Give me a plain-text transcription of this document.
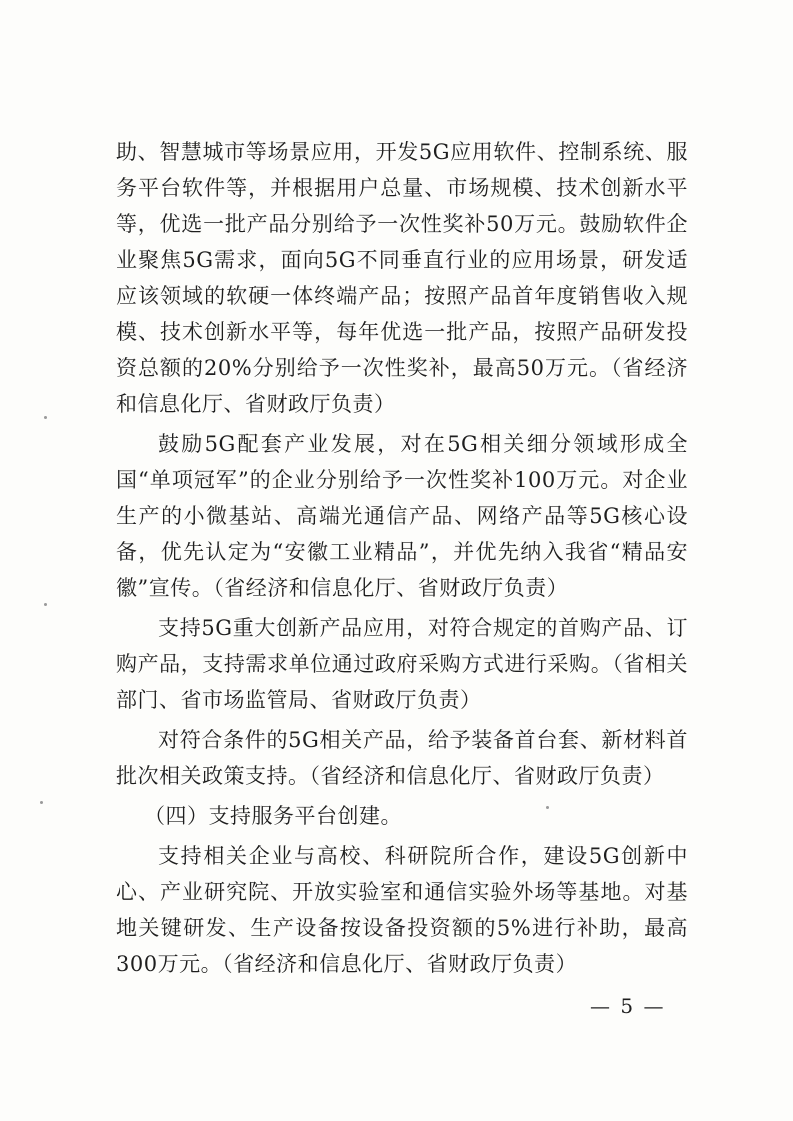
助、智慧城市等场景应用，开发5G应用软件、控制系统、服务平台软件等，并根据用户总量、市场规模、技术创新水平等，优选一批产品分别给予一次性奖补50万元。鼓励软件企业聚焦5G需求，面向5G不同垂直行业的应用场景，研发适应该领域的软硬一体终端产品；按照产品首年度销售收入规模、技术创新水平等，每年优选一批产品，按照产品研发投资总额的20%分别给予一次性奖补，最高50万元。（省经济和信息化厅、省财政厅负责）

鼓励5G配套产业发展，对在5G相关细分领域形成全国“单项冠军”的企业分别给予一次性奖补100万元。对企业生产的小微基站、高端光通信产品、网络产品等5G核心设备，优先认定为“安徽工业精品”，并优先纳入我省“精品安徽”宣传。（省经济和信息化厅、省财政厅负责）

支持5G重大创新产品应用，对符合规定的首购产品、订购产品，支持需求单位通过政府采购方式进行采购。（省相关部门、省市场监管局、省财政厅负责）

对符合条件的5G相关产品，给予装备首台套、新材料首批次相关政策支持。（省经济和信息化厅、省财政厅负责）

（四）支持服务平台创建。

支持相关企业与高校、科研院所合作，建设5G创新中心、产业研究院、开放实验室和通信实验外场等基地。对基地关键研发、生产设备按设备投资额的5%进行补助，最高300万元。（省经济和信息化厅、省财政厅负责）

— 5 —
